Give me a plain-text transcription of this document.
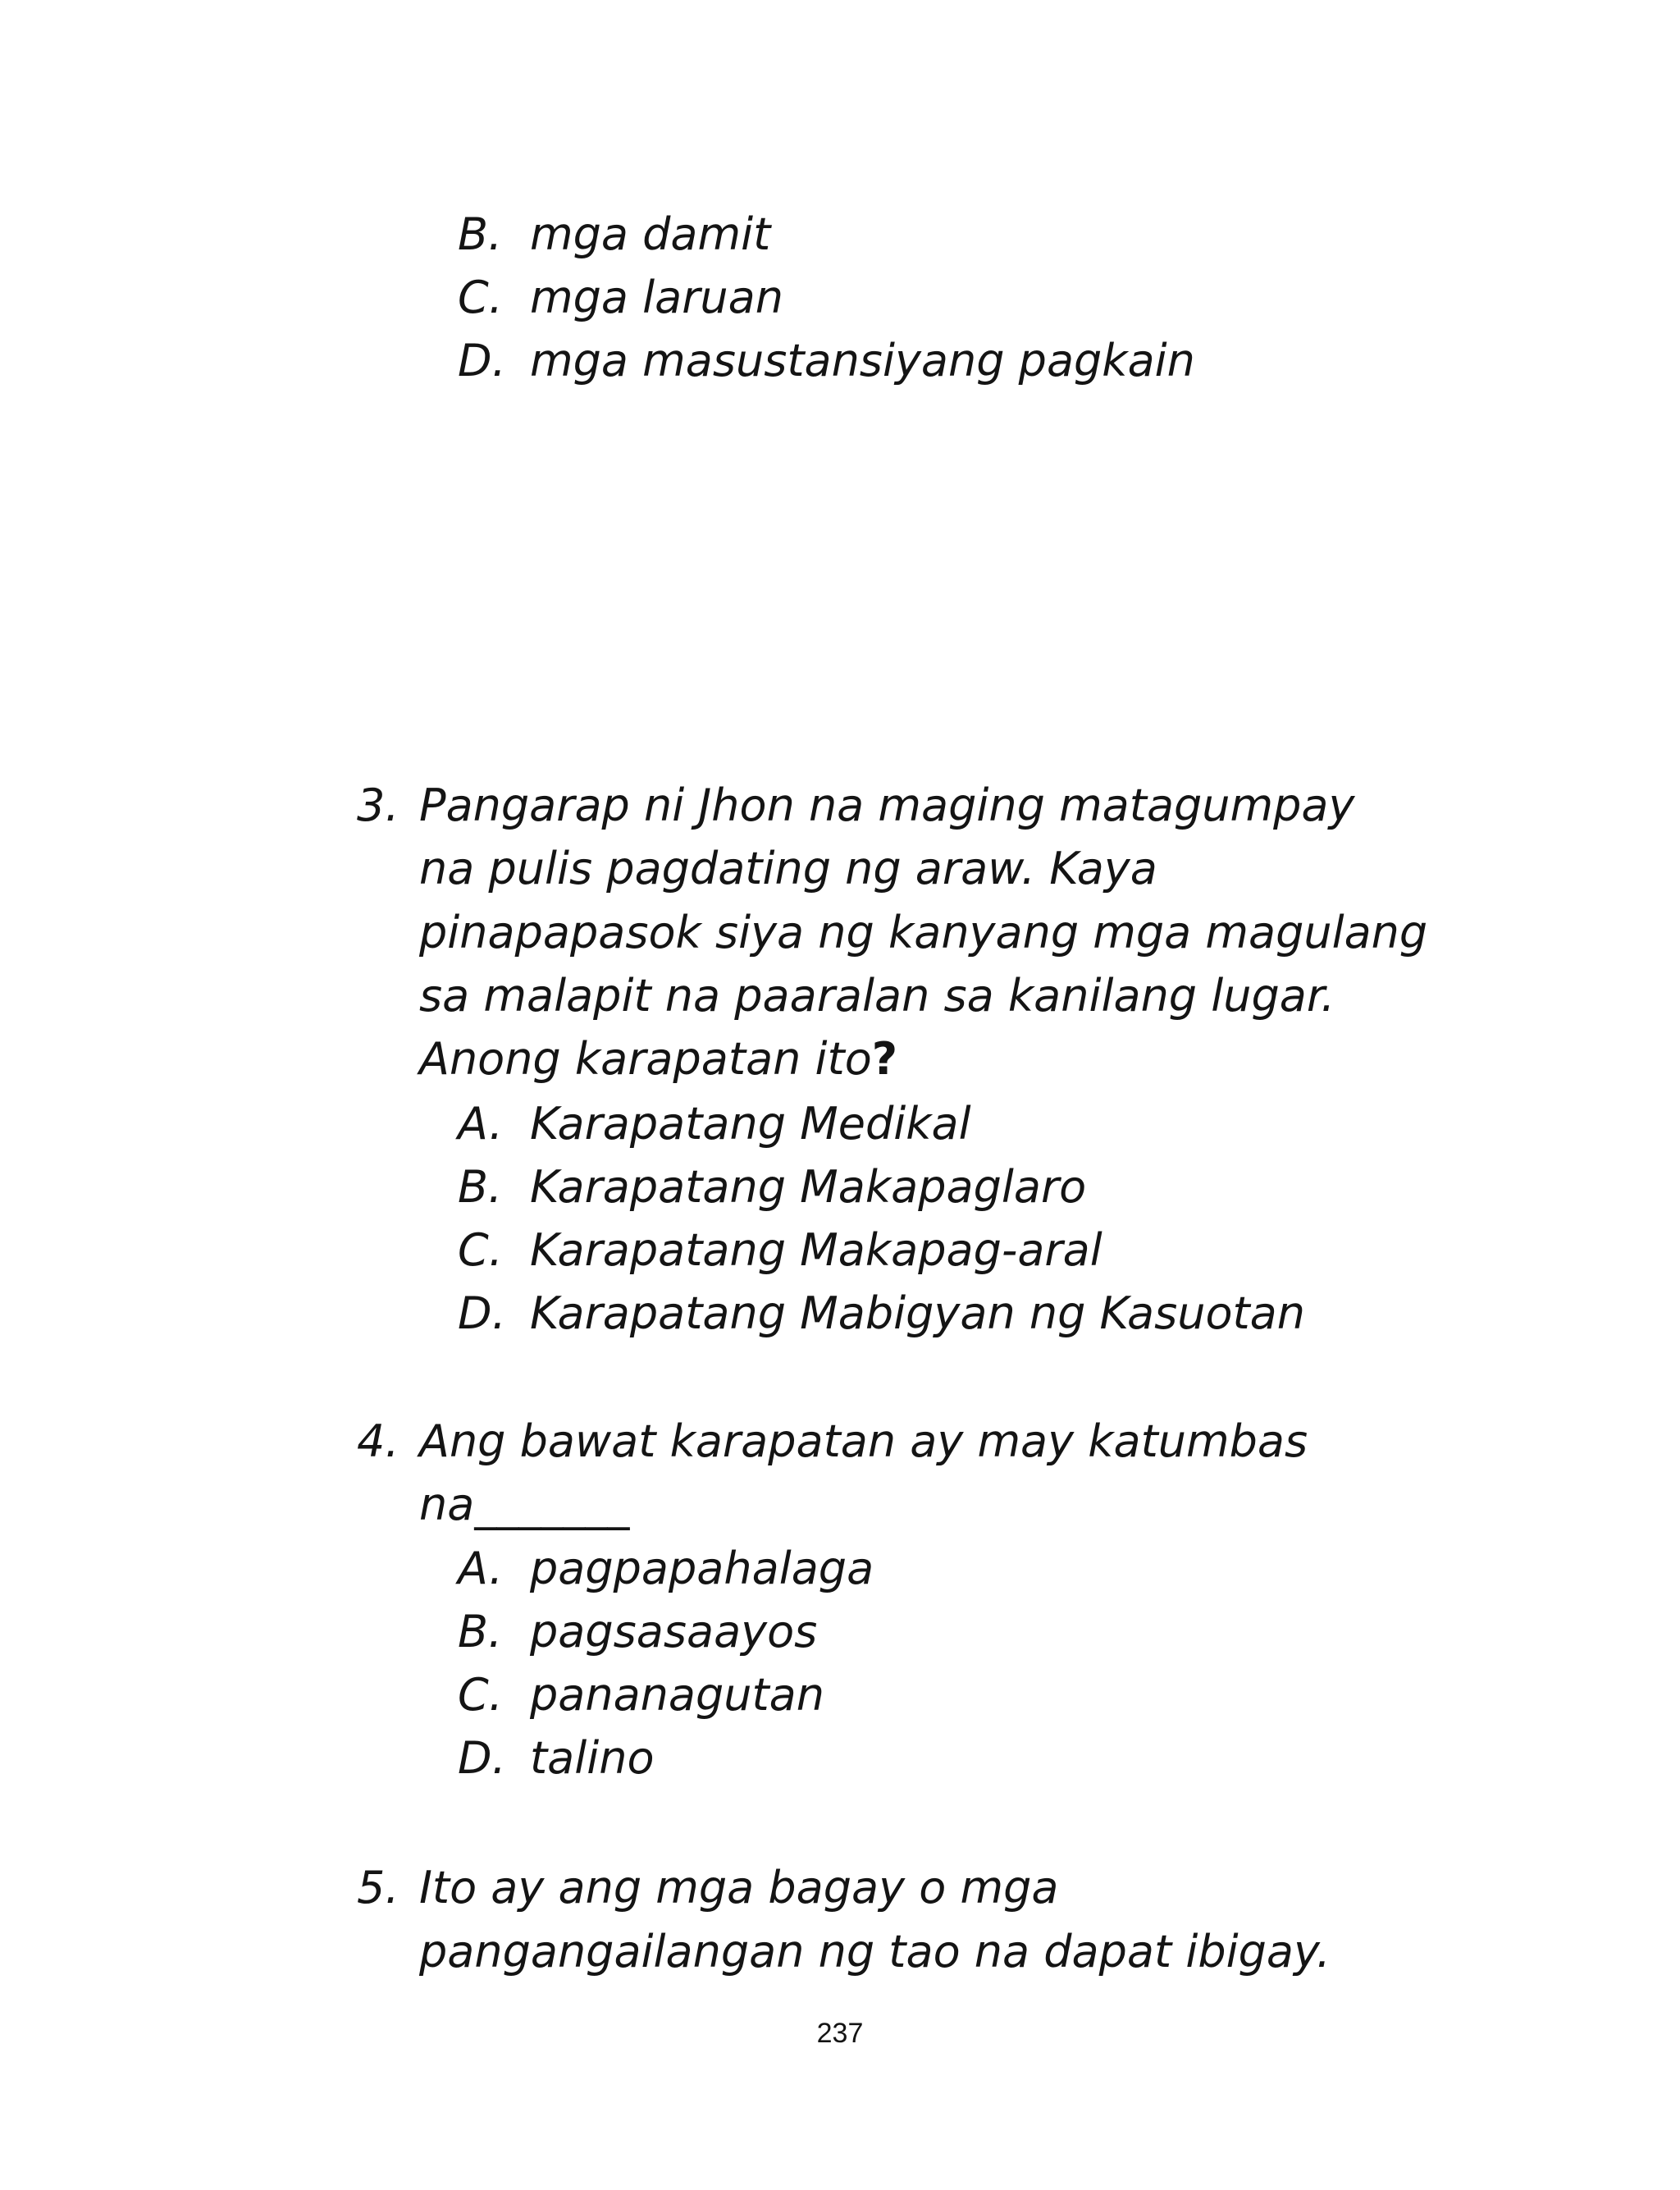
B. mga damit
C. mga laruan
D. mga masustansiyang pagkain
3. Pangarap ni Jhon na maging matagumpay
na pulis pagdating ng araw. Kaya
pinapapasok siya ng kanyang mga magulang
sa malapit na paaralan sa kanilang lugar.
Anong karapatan ito?
A. Karapatang Medikal
B. Karapatang Makapaglaro
C. Karapatang Makapag-aral
D. Karapatang Mabigyan ng Kasuotan
4. Ang bawat karapatan ay may katumbas
na_______
A. pagpapahalaga
B. pagsasaayos
C. pananagutan
D. talino
5. Ito ay ang mga bagay o mga
pangangailangan ng tao na dapat ibigay.
237
